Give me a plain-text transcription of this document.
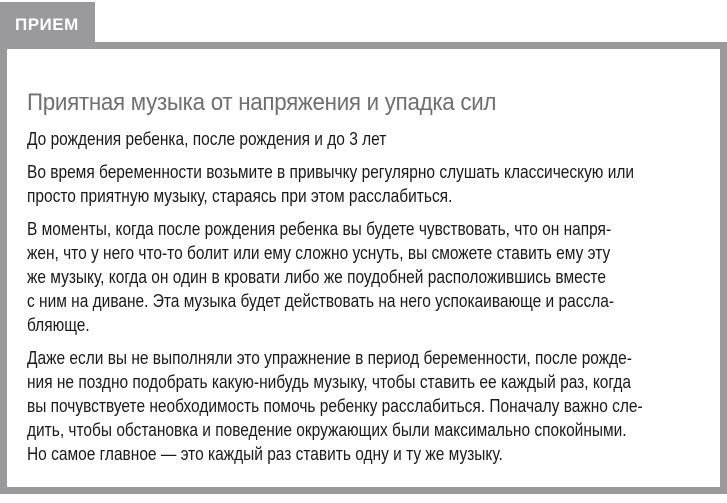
ПРИЕМ
Приятная музыка от напряжения и упадка сил
До рождения ребенка, после рождения и до 3 лет
Во время беременности возьмите в привычку регулярно слушать классическую или
просто приятную музыку, стараясь при этом расслабиться.
В моменты, когда после рождения ребенка вы будете чувствовать, что он напря-
жен, что у него что-то болит или ему сложно уснуть, вы сможете ставить ему эту
же музыку, когда он один в кровати либо же поудобней расположившись вместе
с ним на диване. Эта музыка будет действовать на него успокаивающе и рассла-
бляюще.
Даже если вы не выполняли это упражнение в период беременности, после рожде-
ния не поздно подобрать какую-нибудь музыку, чтобы ставить ее каждый раз, когда
вы почувствуете необходимость помочь ребенку расслабиться. Поначалу важно сле-
дить, чтобы обстановка и поведение окружающих были максимально спокойными.
Но самое главное — это каждый раз ставить одну и ту же музыку.
